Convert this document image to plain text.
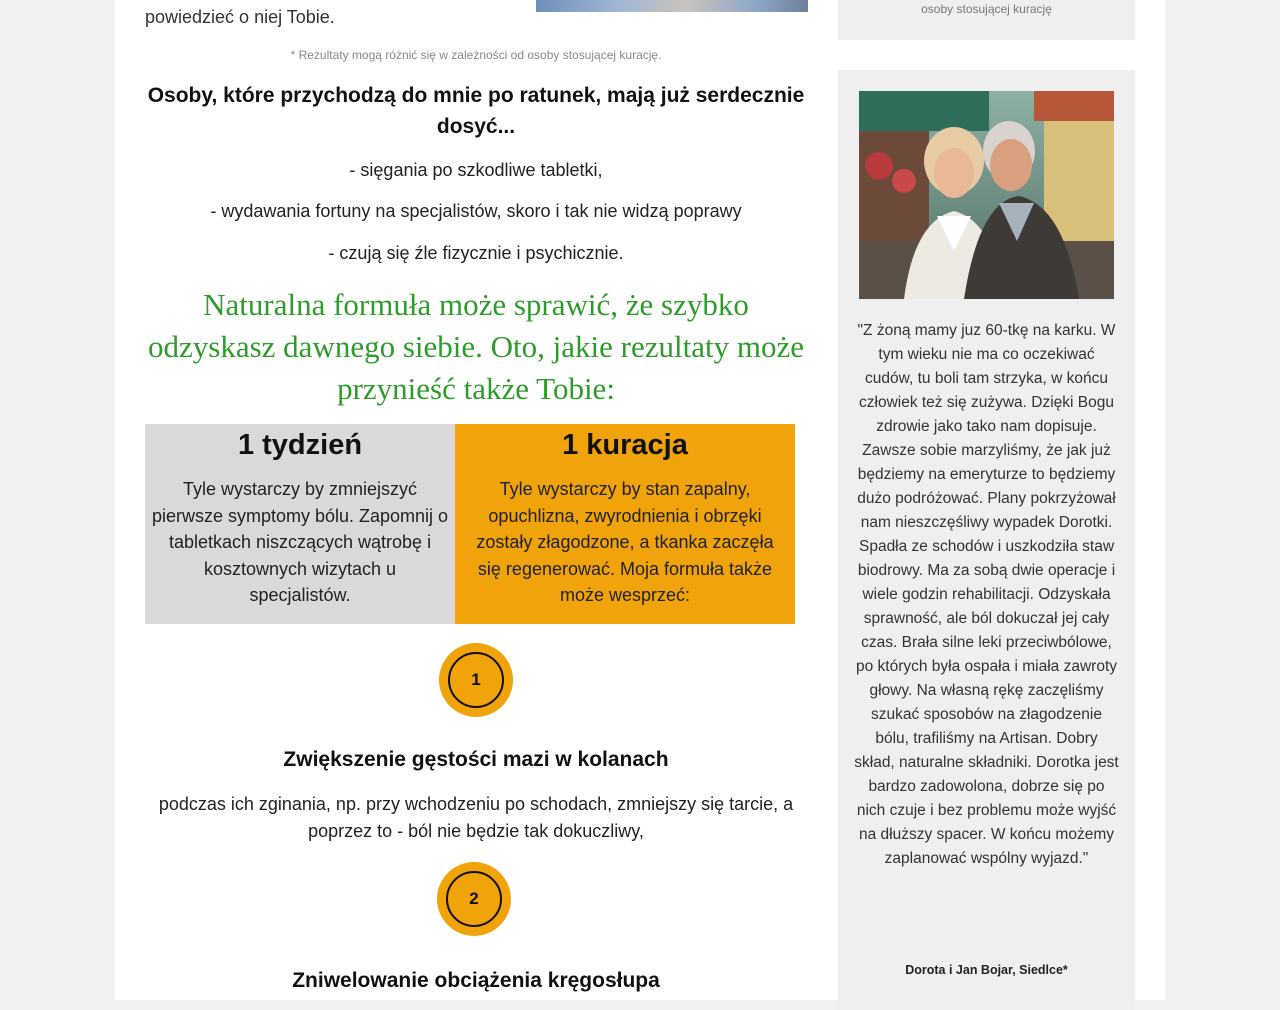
powiedzieć o niej Tobie.
* Rezultaty mogą różnić się w zależności od osoby stosującej kurację.
Osoby, które przychodzą do mnie po ratunek, mają już serdecznie dosyć...
- sięgania po szkodliwe tabletki,
- wydawania fortuny na specjalistów, skoro i tak nie widzą poprawy
- czują się źle fizycznie i psychicznie.
Naturalna formuła może sprawić, że szybko odzyskasz dawnego siebie. Oto, jakie rezultaty może przynieść także Tobie:
1 tydzień
Tyle wystarczy by zmniejszyć pierwsze symptomy bólu. Zapomnij o tabletkach niszczących wątrobę i kosztownych wizytach u specjalistów.
1 kuracja
Tyle wystarczy by stan zapalny, opuchlizna, zwyrodnienia i obrzęki zostały złagodzone, a tkanka zaczęła się regenerować. Moja formuła także może wesprzeć:
1
Zwiększenie gęstości mazi w kolanach
podczas ich zginania, np. przy wchodzeniu po schodach, zmniejszy się tarcie, a poprzez to - ból nie będzie tak dokuczliwy,
2
Zniwelowanie obciążenia kręgosłupa
osoby stosującej kurację
"Z żoną mamy juz 60-tkę na karku. W tym wieku nie ma co oczekiwać cudów, tu boli tam strzyka, w końcu człowiek też się zużywa. Dzięki Bogu zdrowie jako tako nam dopisuje. Zawsze sobie marzyliśmy, że jak już będziemy na emeryturze to będziemy dużo podróżować. Plany pokrzyżował nam nieszczęśliwy wypadek Dorotki. Spadła ze schodów i uszkodziła staw biodrowy. Ma za sobą dwie operacje i wiele godzin rehabilitacji. Odzyskała sprawność, ale ból dokuczał jej cały czas. Brała silne leki przeciwbólowe, po których była ospała i miała zawroty głowy. Na własną rękę zaczęliśmy szukać sposobów na złagodzenie bólu, trafiliśmy na Artisan. Dobry skład, naturalne składniki. Dorotka jest bardzo zadowolona, dobrze się po nich czuje i bez problemu może wyjść na dłuższy spacer. W końcu możemy zaplanować wspólny wyjazd."
Dorota i Jan Bojar, Siedlce*
